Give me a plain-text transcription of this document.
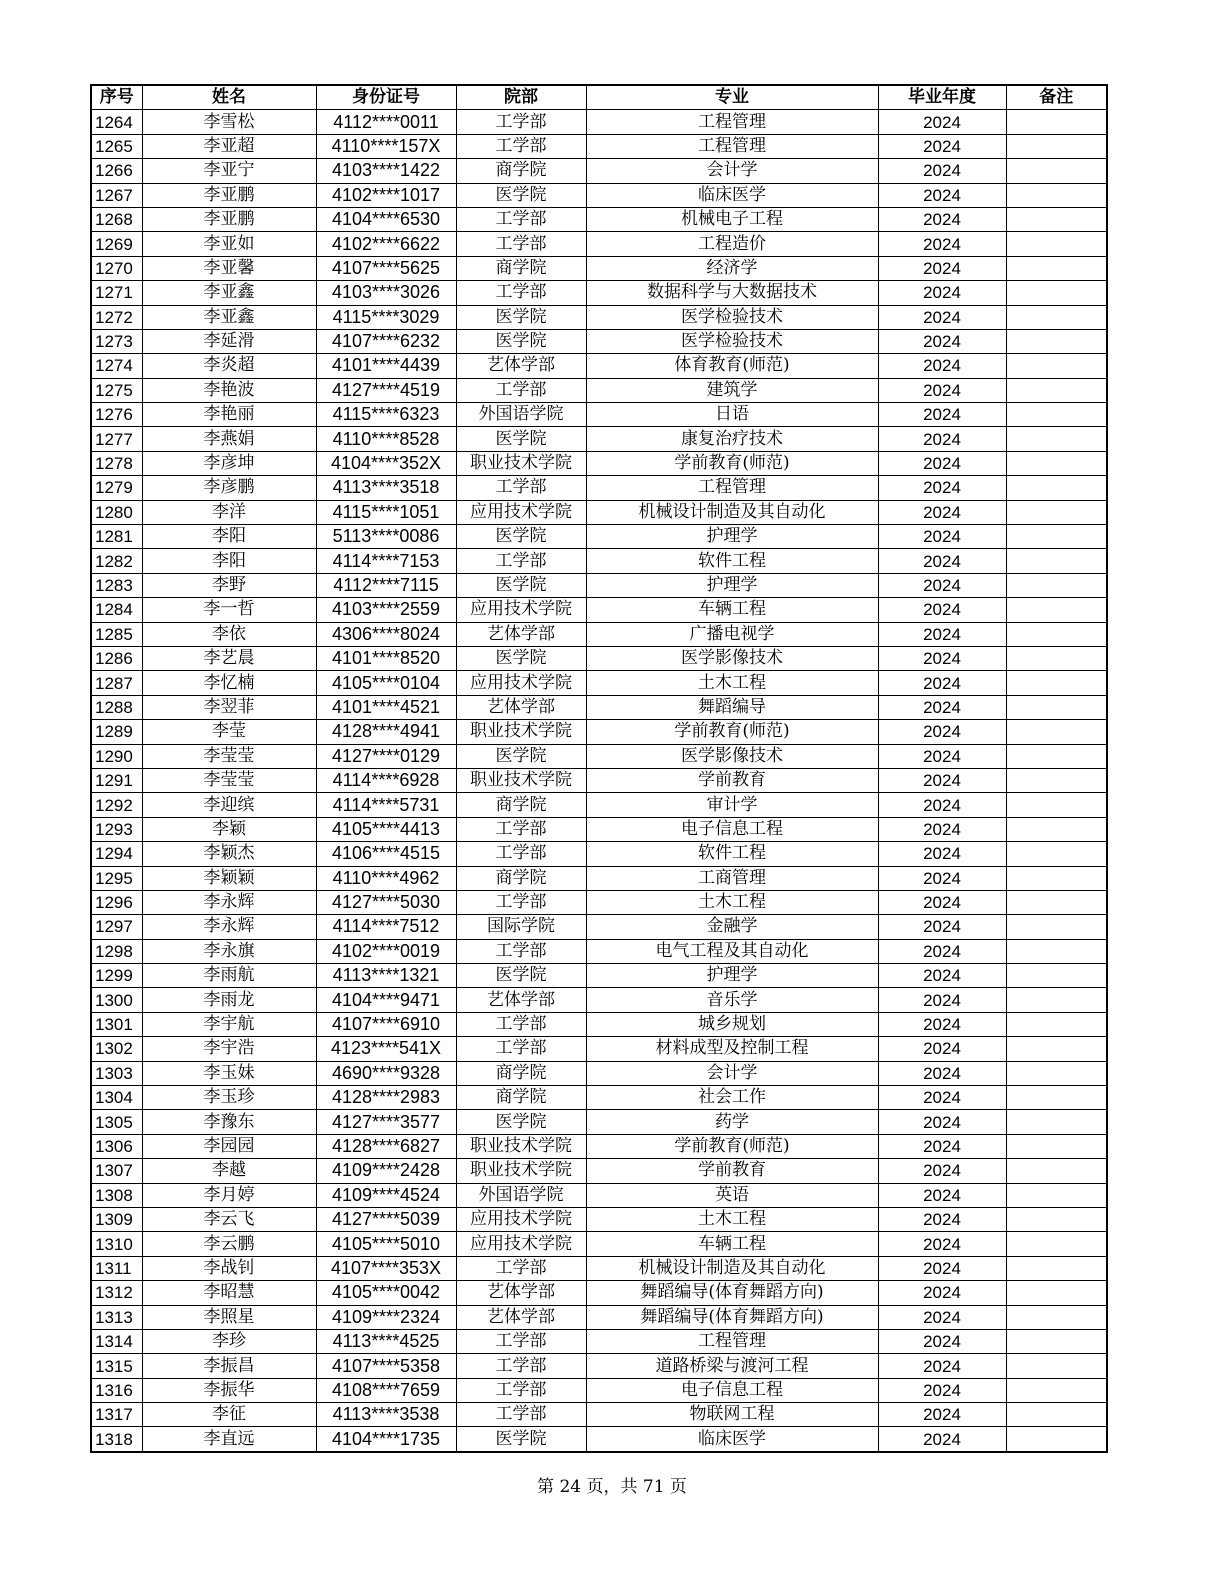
序号	姓名	身份证号	院部	专业	毕业年度	备注
1264	李雪松	4112****0011	工学部	工程管理	2024	
1265	李亚超	4110****157X	工学部	工程管理	2024	
1266	李亚宁	4103****1422	商学院	会计学	2024	
1267	李亚鹏	4102****1017	医学院	临床医学	2024	
1268	李亚鹏	4104****6530	工学部	机械电子工程	2024	
1269	李亚如	4102****6622	工学部	工程造价	2024	
1270	李亚馨	4107****5625	商学院	经济学	2024	
1271	李亚鑫	4103****3026	工学部	数据科学与大数据技术	2024	
1272	李亚鑫	4115****3029	医学院	医学检验技术	2024	
1273	李延滑	4107****6232	医学院	医学检验技术	2024	
1274	李炎超	4101****4439	艺体学部	体育教育(师范)	2024	
1275	李艳波	4127****4519	工学部	建筑学	2024	
1276	李艳丽	4115****6323	外国语学院	日语	2024	
1277	李燕娟	4110****8528	医学院	康复治疗技术	2024	
1278	李彦坤	4104****352X	职业技术学院	学前教育(师范)	2024	
1279	李彦鹏	4113****3518	工学部	工程管理	2024	
1280	李洋	4115****1051	应用技术学院	机械设计制造及其自动化	2024	
1281	李阳	5113****0086	医学院	护理学	2024	
1282	李阳	4114****7153	工学部	软件工程	2024	
1283	李野	4112****7115	医学院	护理学	2024	
1284	李一哲	4103****2559	应用技术学院	车辆工程	2024	
1285	李依	4306****8024	艺体学部	广播电视学	2024	
1286	李艺晨	4101****8520	医学院	医学影像技术	2024	
1287	李忆楠	4105****0104	应用技术学院	土木工程	2024	
1288	李翌菲	4101****4521	艺体学部	舞蹈编导	2024	
1289	李莹	4128****4941	职业技术学院	学前教育(师范)	2024	
1290	李莹莹	4127****0129	医学院	医学影像技术	2024	
1291	李莹莹	4114****6928	职业技术学院	学前教育	2024	
1292	李迎缤	4114****5731	商学院	审计学	2024	
1293	李颖	4105****4413	工学部	电子信息工程	2024	
1294	李颖杰	4106****4515	工学部	软件工程	2024	
1295	李颖颖	4110****4962	商学院	工商管理	2024	
1296	李永辉	4127****5030	工学部	土木工程	2024	
1297	李永辉	4114****7512	国际学院	金融学	2024	
1298	李永旗	4102****0019	工学部	电气工程及其自动化	2024	
1299	李雨航	4113****1321	医学院	护理学	2024	
1300	李雨龙	4104****9471	艺体学部	音乐学	2024	
1301	李宇航	4107****6910	工学部	城乡规划	2024	
1302	李宇浩	4123****541X	工学部	材料成型及控制工程	2024	
1303	李玉妹	4690****9328	商学院	会计学	2024	
1304	李玉珍	4128****2983	商学院	社会工作	2024	
1305	李豫东	4127****3577	医学院	药学	2024	
1306	李园园	4128****6827	职业技术学院	学前教育(师范)	2024	
1307	李越	4109****2428	职业技术学院	学前教育	2024	
1308	李月婷	4109****4524	外国语学院	英语	2024	
1309	李云飞	4127****5039	应用技术学院	土木工程	2024	
1310	李云鹏	4105****5010	应用技术学院	车辆工程	2024	
1311	李战钊	4107****353X	工学部	机械设计制造及其自动化	2024	
1312	李昭慧	4105****0042	艺体学部	舞蹈编导(体育舞蹈方向)	2024	
1313	李照星	4109****2324	艺体学部	舞蹈编导(体育舞蹈方向)	2024	
1314	李珍	4113****4525	工学部	工程管理	2024	
1315	李振昌	4107****5358	工学部	道路桥梁与渡河工程	2024	
1316	李振华	4108****7659	工学部	电子信息工程	2024	
1317	李征	4113****3538	工学部	物联网工程	2024	
1318	李直远	4104****1735	医学院	临床医学	2024	
第 24 页，共 71 页
